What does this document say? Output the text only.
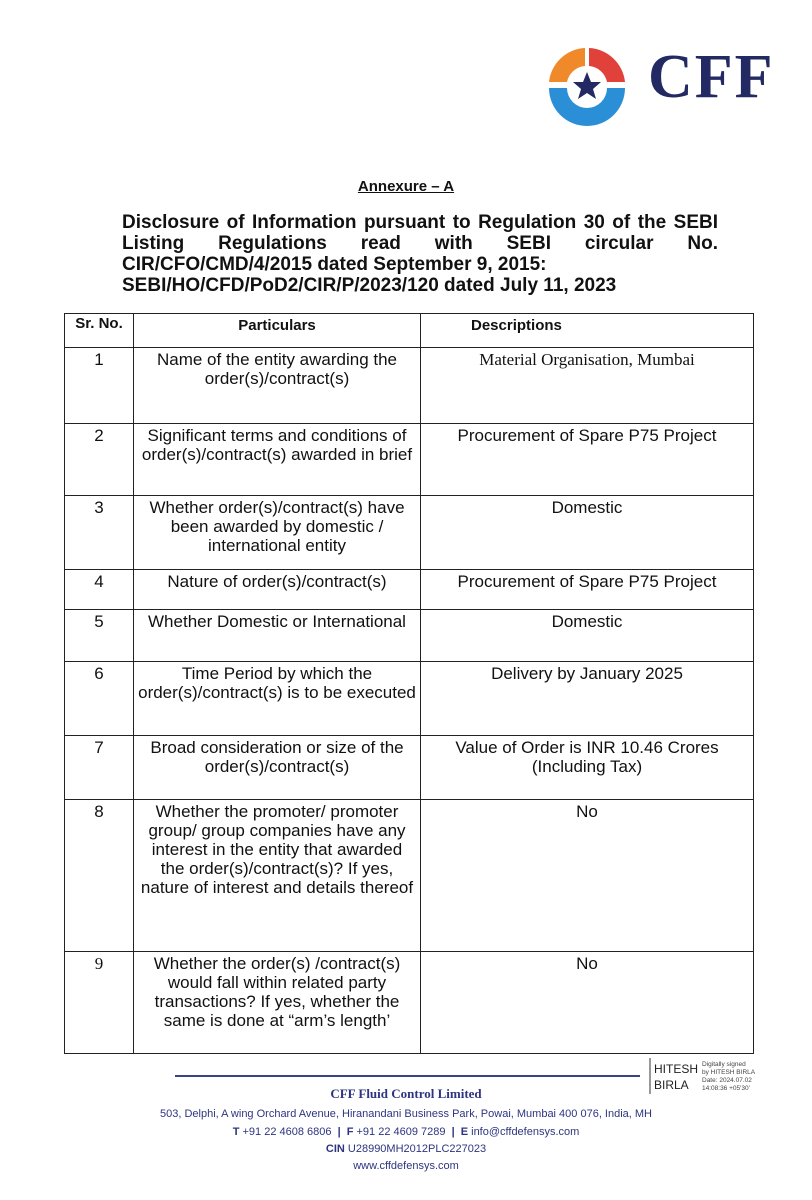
CFF
Annexure – A
Disclosure of Information pursuant to Regulation 30 of the SEBI Listing Regulations read with SEBI circular No. CIR/CFO/CMD/4/2015 dated September 9, 2015:
SEBI/HO/CFD/PoD2/CIR/P/2023/120 dated July 11, 2023
Sr. No.	Particulars	Descriptions
1	Name of the entity awarding the order(s)/contract(s)	Material Organisation, Mumbai
2	Significant terms and conditions of order(s)/contract(s) awarded in brief	Procurement of Spare P75 Project
3	Whether order(s)/contract(s) have been awarded by domestic / international entity	Domestic
4	Nature of order(s)/contract(s)	Procurement of Spare P75 Project
5	Whether Domestic or International	Domestic
6	Time Period by which the order(s)/contract(s) is to be executed	Delivery by January 2025
7	Broad consideration or size of the order(s)/contract(s)	Value of Order is INR 10.46 Crores (Including Tax)
8	Whether the promoter/ promoter group/ group companies have any interest in the entity that awarded the order(s)/contract(s)? If yes, nature of interest and details thereof	No
9	Whether the order(s) /contract(s) would fall within related party transactions? If yes, whether the same is done at “arm’s length’	No
HITESH
BIRLA
Digitally signed
by HITESH BIRLA
Date: 2024.07.02
14:08:36 +05'30'
CFF Fluid Control Limited
503, Delphi, A wing Orchard Avenue, Hiranandani Business Park, Powai, Mumbai 400 076, India, MH
T +91 22 4608 6806 | F +91 22 4609 7289 | E info@cffdefensys.com
CIN U28990MH2012PLC227023
www.cffdefensys.com
